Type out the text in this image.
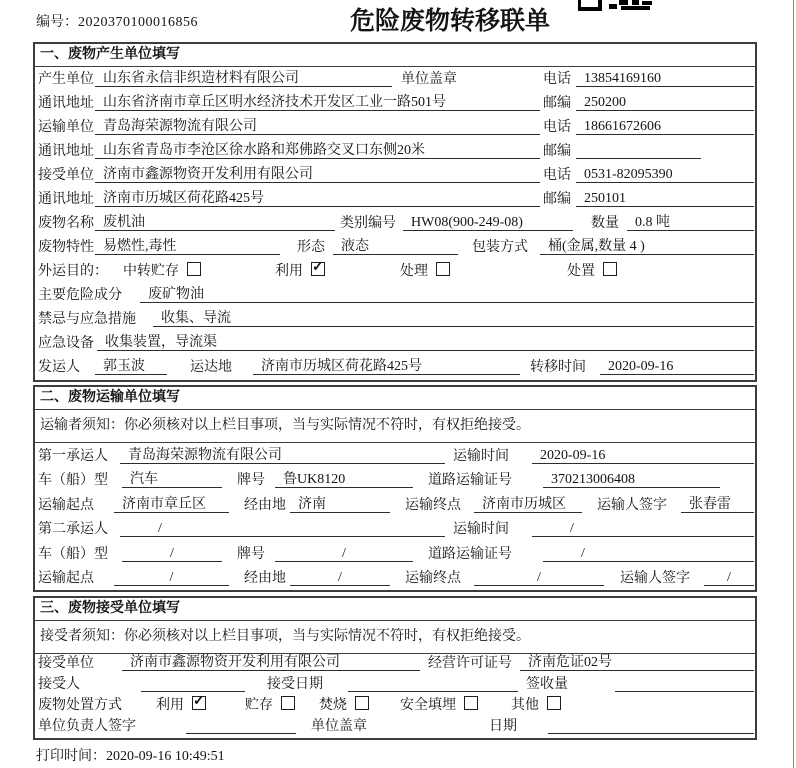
编号：2020370100016856	危险废物转移联单
一、废物产生单位填写
产生单位 山东省永信非织造材料有限公司	单位盖章	电话 13854169160
通讯地址 山东省济南市章丘区明水经济技术开发区工业一路501号	邮编 250200
运输单位 青岛海荣源物流有限公司	电话 18661672606
通讯地址 山东省青岛市李沧区徐水路和郑佛路交叉口东侧20米	邮编
接受单位 济南市鑫源物资开发利用有限公司	电话 0531-82095390
通讯地址 济南市历城区荷花路425号	邮编 250101
废物名称 废机油	类别编号	HW08(900-249-08)	数量	0.8 吨
废物特性 易燃性,毒性	形态	液态	包装方式	桶(金属,数量 4 )
外运目的： 中转贮存	利用 ✓	处理	处置
主要危险成分	废矿物油
禁忌与应急措施	收集、导流
应急设备 收集装置，导流渠
发运人	郭玉波	运达地	济南市历城区荷花路425号	转移时间	2020-09-16
二、废物运输单位填写
运输者须知：你必须核对以上栏目事项，当与实际情况不符时，有权拒绝接受。
第一承运人	青岛海荣源物流有限公司	运输时间	2020-09-16
车（船）型	汽车	牌号	鲁UK8120	道路运输证号	370213006408
运输起点	济南市章丘区	经由地 济南	运输终点	济南市历城区	运输人签字	张春雷
第二承运人	/	运输时间	/
车（船）型	/	牌号	/	道路运输证号	/
运输起点	/	经由地	/	运输终点	/	运输人签字	/
三、废物接受单位填写
接受者须知：你必须核对以上栏目事项，当与实际情况不符时，有权拒绝接受。
接受单位	济南市鑫源物资开发利用有限公司	经营许可证号	济南危证02号
接受人	接受日期	签收量
废物处置方式 利用 ✓	贮存	焚烧	安全填埋	其他
单位负责人签字	单位盖章	日期
打印时间：2020-09-16 10:49:51
